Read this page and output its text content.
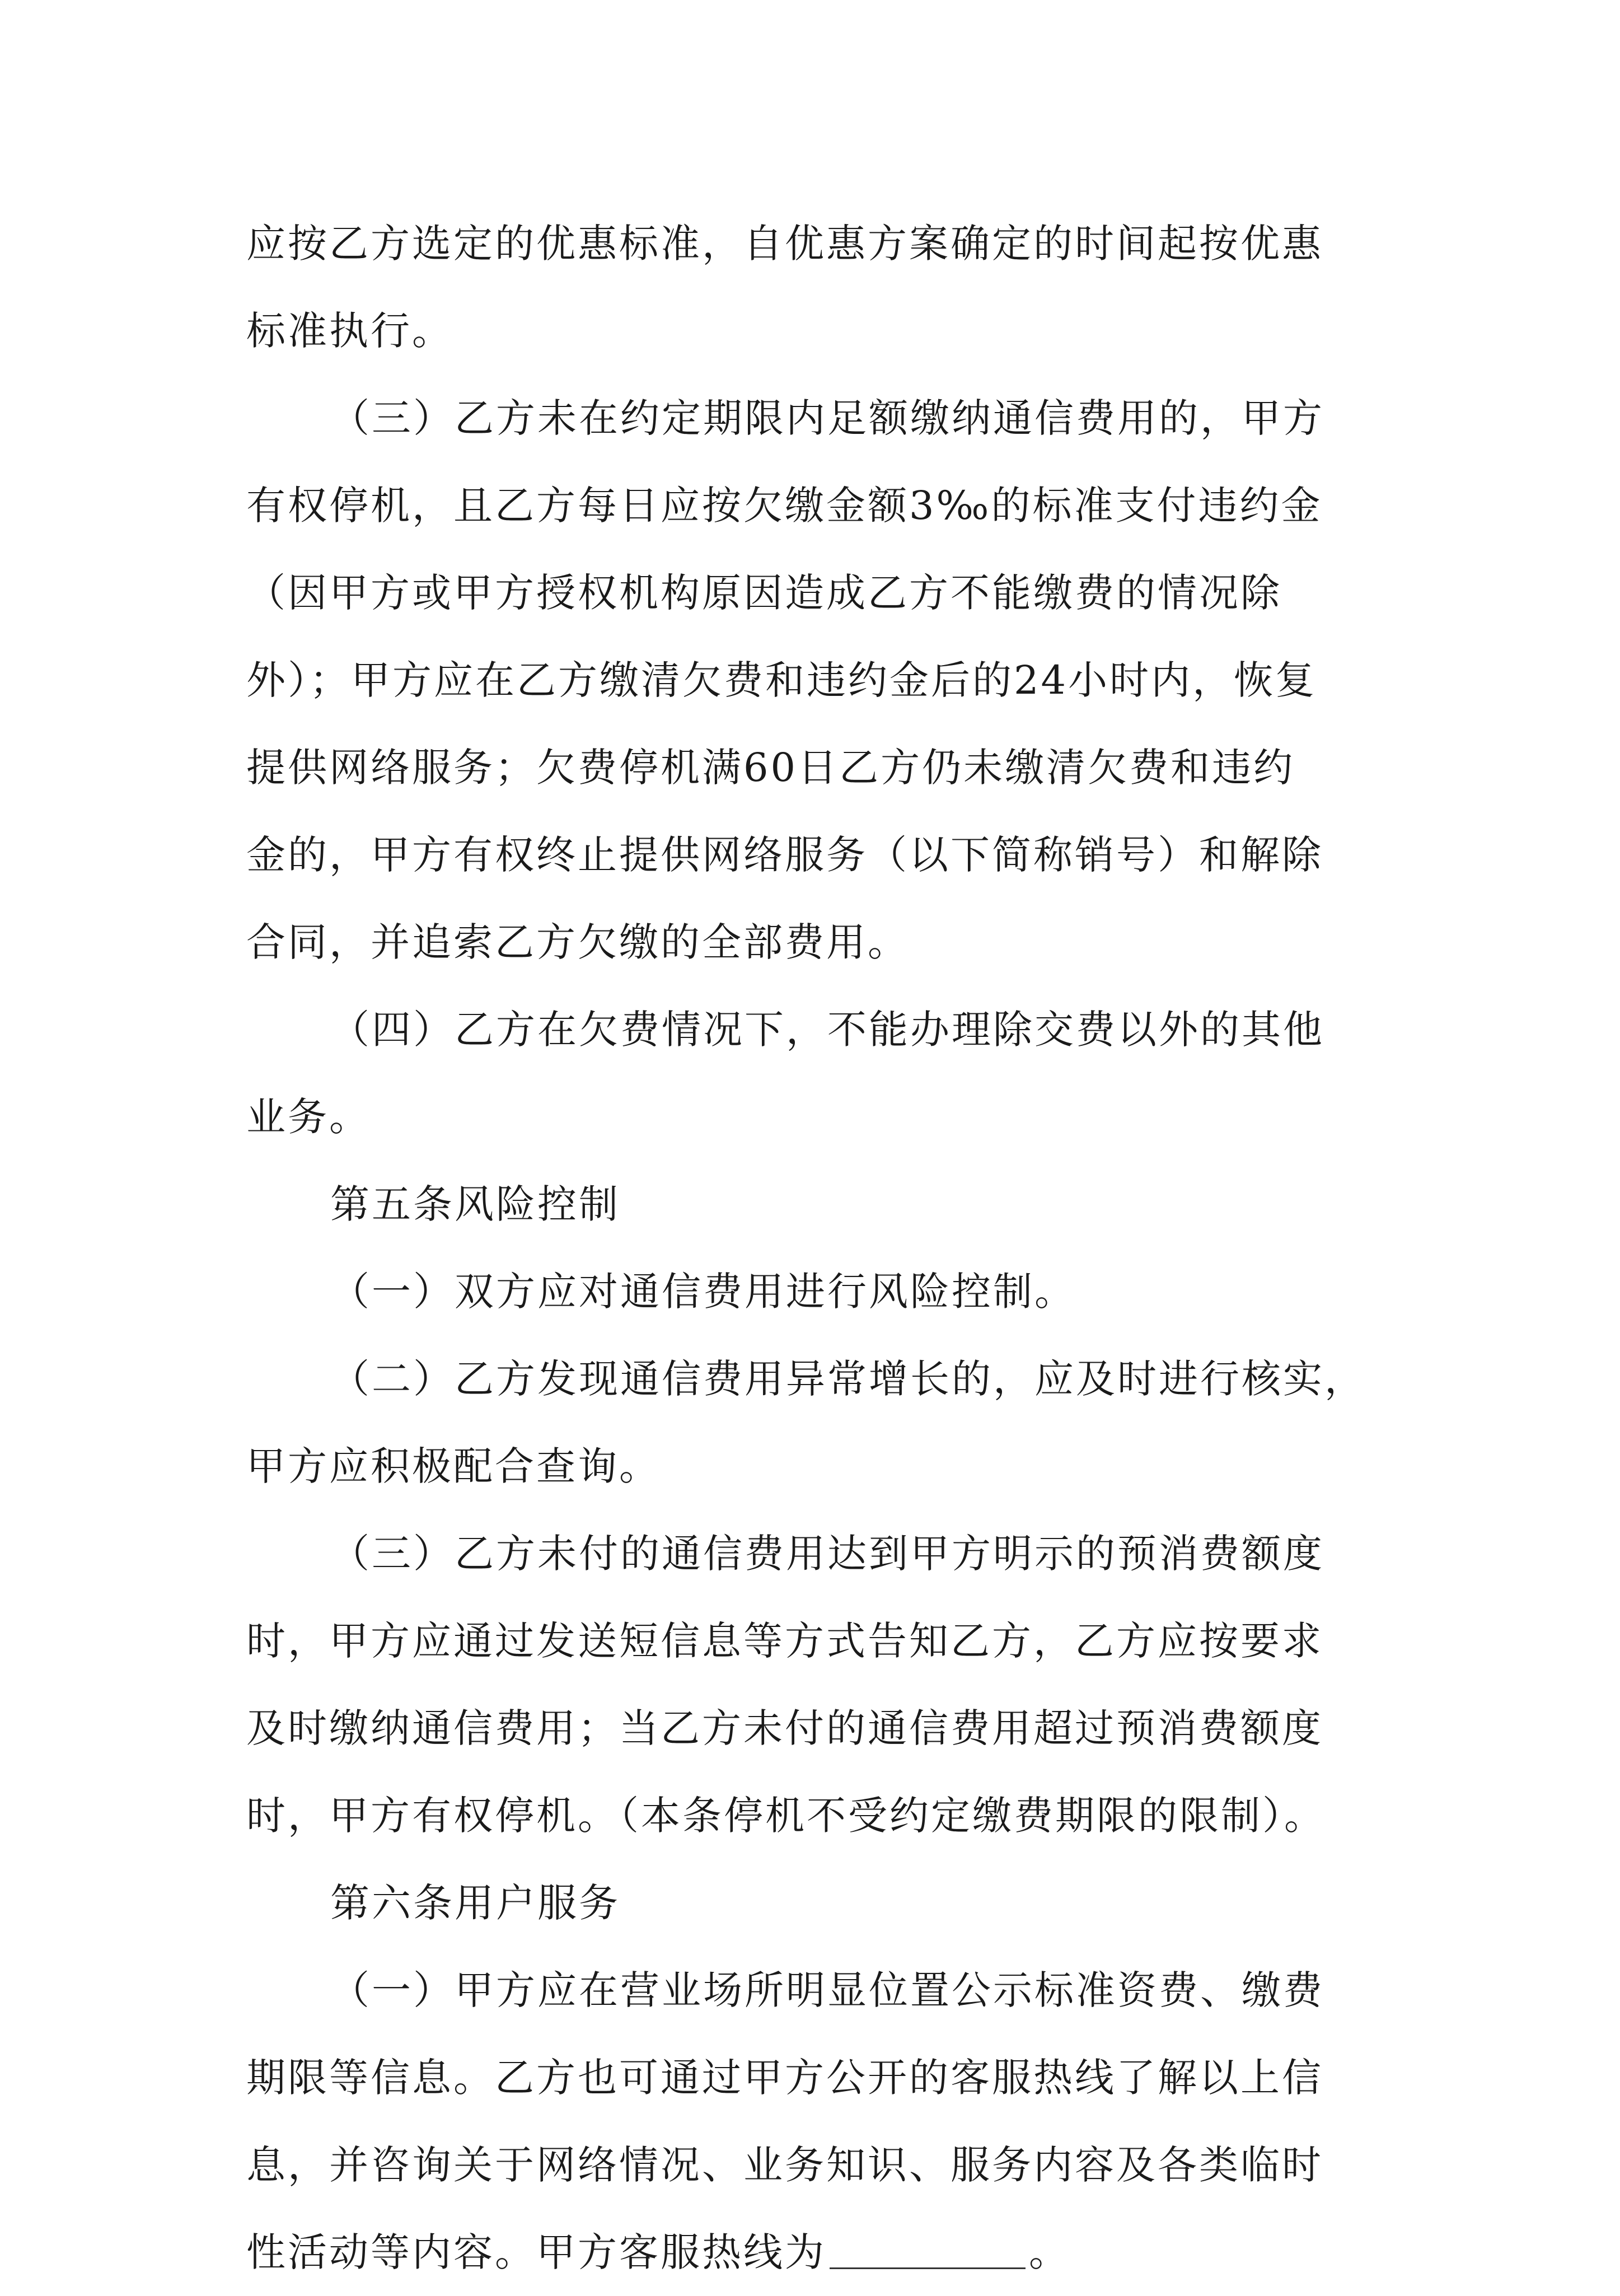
应按乙方选定的优惠标准，自优惠方案确定的时间起按优惠
标准执行。
（三）乙方未在约定期限内足额缴纳通信费用的，甲方
有权停机，且乙方每日应按欠缴金额3‰的标准支付违约金
（因甲方或甲方授权机构原因造成乙方不能缴费的情况除
外）；甲方应在乙方缴清欠费和违约金后的24小时内，恢复
提供网络服务；欠费停机满60日乙方仍未缴清欠费和违约
金的，甲方有权终止提供网络服务（以下简称销号）和解除
合同，并追索乙方欠缴的全部费用。
（四）乙方在欠费情况下，不能办理除交费以外的其他
业务。
第五条风险控制
（一）双方应对通信费用进行风险控制。
（二）乙方发现通信费用异常增长的，应及时进行核实，
甲方应积极配合查询。
（三）乙方未付的通信费用达到甲方明示的预消费额度
时，甲方应通过发送短信息等方式告知乙方，乙方应按要求
及时缴纳通信费用；当乙方未付的通信费用超过预消费额度
时，甲方有权停机。（本条停机不受约定缴费期限的限制）。
第六条用户服务
（一）甲方应在营业场所明显位置公示标准资费、缴费
期限等信息。乙方也可通过甲方公开的客服热线了解以上信
息，并咨询关于网络情况、业务知识、服务内容及各类临时
性活动等内容。甲方客服热线为	。
